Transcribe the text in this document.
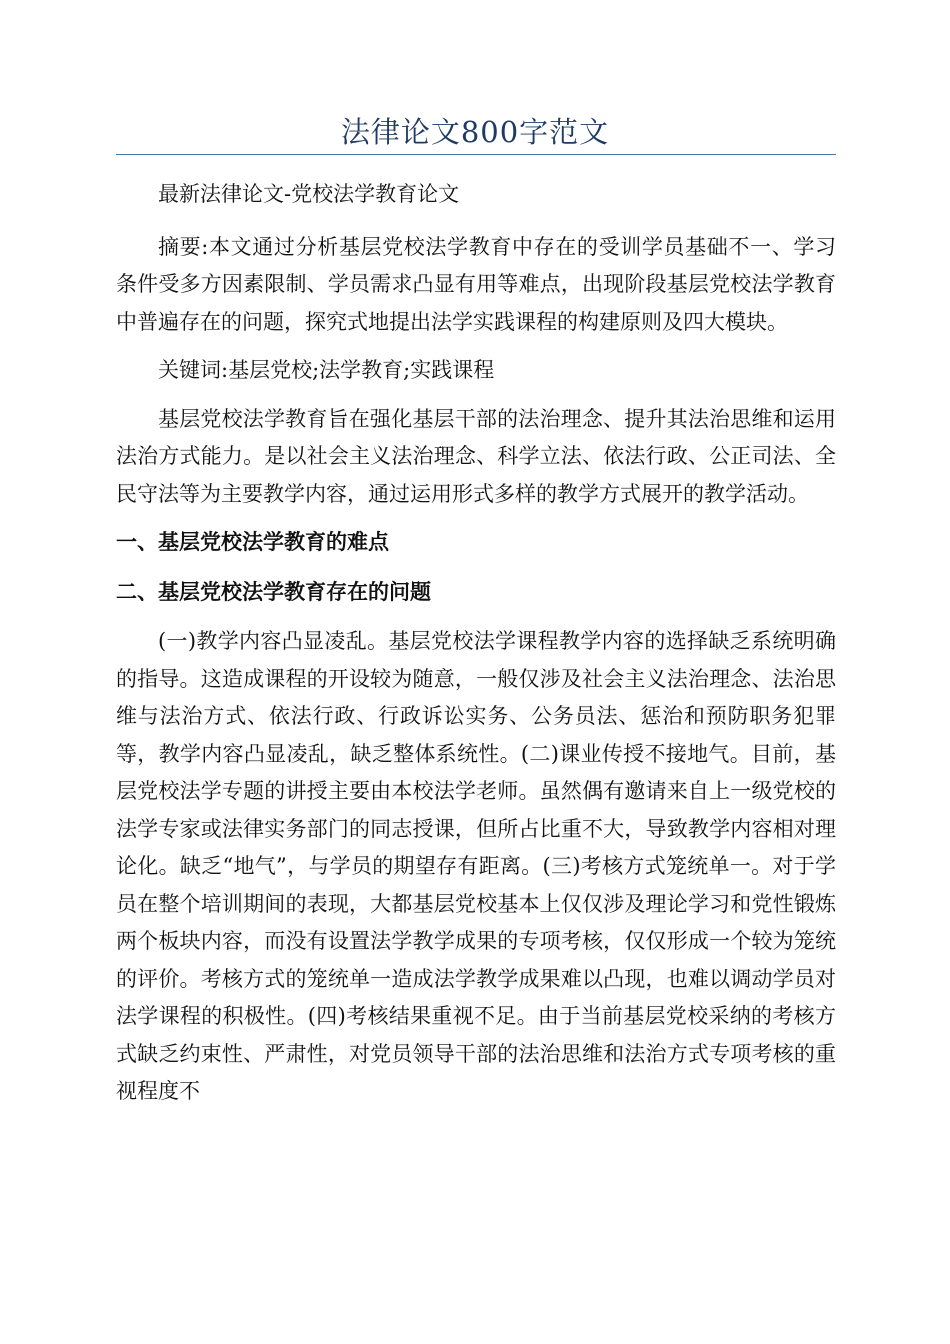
法律论文800字范文

最新法律论文-党校法学教育论文

摘要:本文通过分析基层党校法学教育中存在的受训学员基础不一、学习条件受多方因素限制、学员需求凸显有用等难点，出现阶段基层党校法学教育中普遍存在的问题，探究式地提出法学实践课程的构建原则及四大模块。

关键词:基层党校;法学教育;实践课程

基层党校法学教育旨在强化基层干部的法治理念、提升其法治思维和运用法治方式能力。是以社会主义法治理念、科学立法、依法行政、公正司法、全民守法等为主要教学内容，通过运用形式多样的教学方式展开的教学活动。

一、基层党校法学教育的难点
二、基层党校法学教育存在的问题

(一)教学内容凸显凌乱。基层党校法学课程教学内容的选择缺乏系统明确的指导。这造成课程的开设较为随意，一般仅涉及社会主义法治理念、法治思维与法治方式、依法行政、行政诉讼实务、公务员法、惩治和预防职务犯罪等，教学内容凸显凌乱，缺乏整体系统性。(二)课业传授不接地气。目前，基层党校法学专题的讲授主要由本校法学老师。虽然偶有邀请来自上一级党校的法学专家或法律实务部门的同志授课，但所占比重不大，导致教学内容相对理论化。缺乏“地气”，与学员的期望存有距离。(三)考核方式笼统单一。对于学员在整个培训期间的表现，大都基层党校基本上仅仅涉及理论学习和党性锻炼两个板块内容，而没有设置法学教学成果的专项考核，仅仅形成一个较为笼统的评价。考核方式的笼统单一造成法学教学成果难以凸现，也难以调动学员对法学课程的积极性。(四)考核结果重视不足。由于当前基层党校采纳的考核方式缺乏约束性、严肃性，对党员领导干部的法治思维和法治方式专项考核的重视程度不
